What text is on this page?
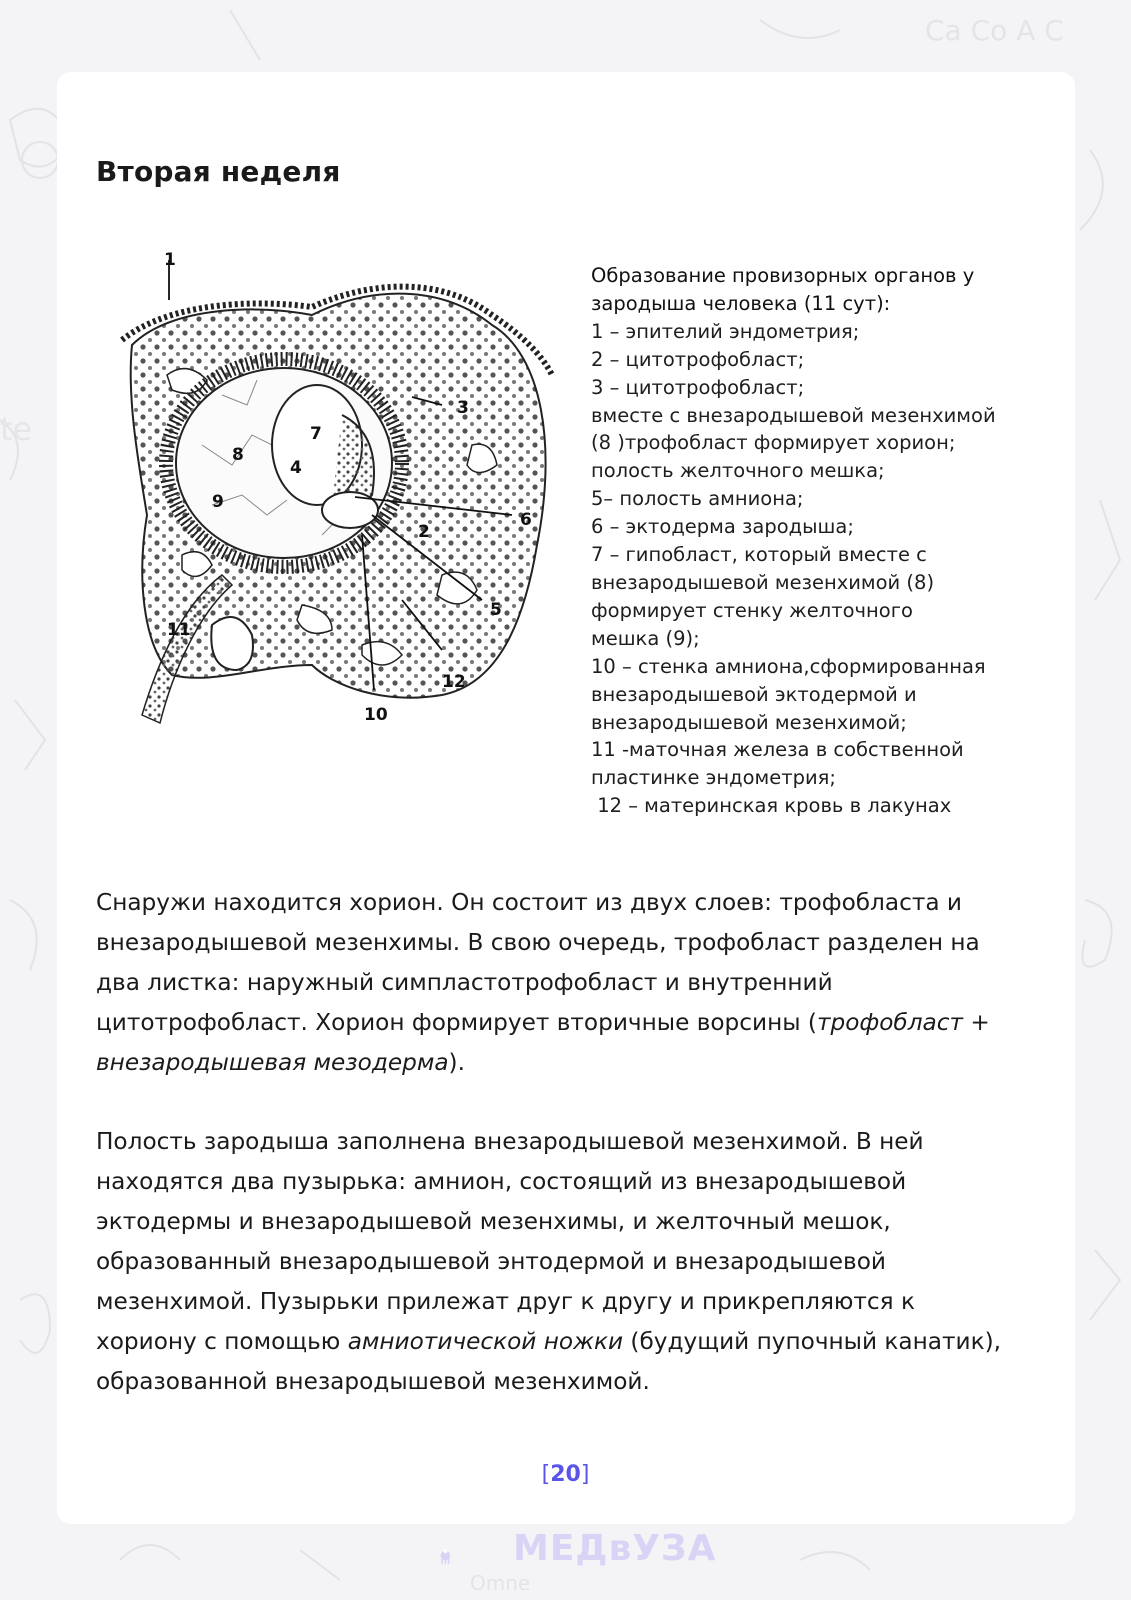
Ca Co A C
Omne
te
Вторая неделя
1
2
3
4
5
6
7
8
9
10
11
12

Образование провизорных органов у
зародыша человека (11 сут):
1 – эпителий эндометрия;
2 – цитотрофобласт;
3 – цитотрофобласт;
вместе с внезародышевой мезенхимой
(8 )трофобласт формирует хорион;
полость желточного мешка;
5– полость амниона;
6 – эктодерма зародыша;
7 – гипобласт, который вместе с
внезародышевой мезенхимой (8)
формирует стенку желточного
мешка (9);
10 – стенка амниона,сформированная
внезародышевой эктодермой и
внезародышевой мезенхимой;
11 -маточная железа в собственной
пластинке эндометрия;
12 – материнская кровь в лакунах

Снаружи находится хорион. Он состоит из двух слоев: трофобласта и
внезародышевой мезенхимы. В свою очередь, трофобласт разделен на
два листка: наружный симпластотрофобласт и внутренний
цитотрофобласт. Хорион формирует вторичные ворсины (трофобласт +
внезародышевая мезодерма).

Полость зародыша заполнена внезародышевой мезенхимой. В ней
находятся два пузырька: амнион, состоящий из внезародышевой
эктодермы и внезародышевой мезенхимы, и желточный мешок,
образованный внезародышевой энтодермой и внезародышевой
мезенхимой. Пузырьки прилежат друг к другу и прикрепляются к
хориону с помощью амниотической ножки (будущий пупочный канатик),
образованной внезародышевой мезенхимой.

[20]
МЕДвУЗА
